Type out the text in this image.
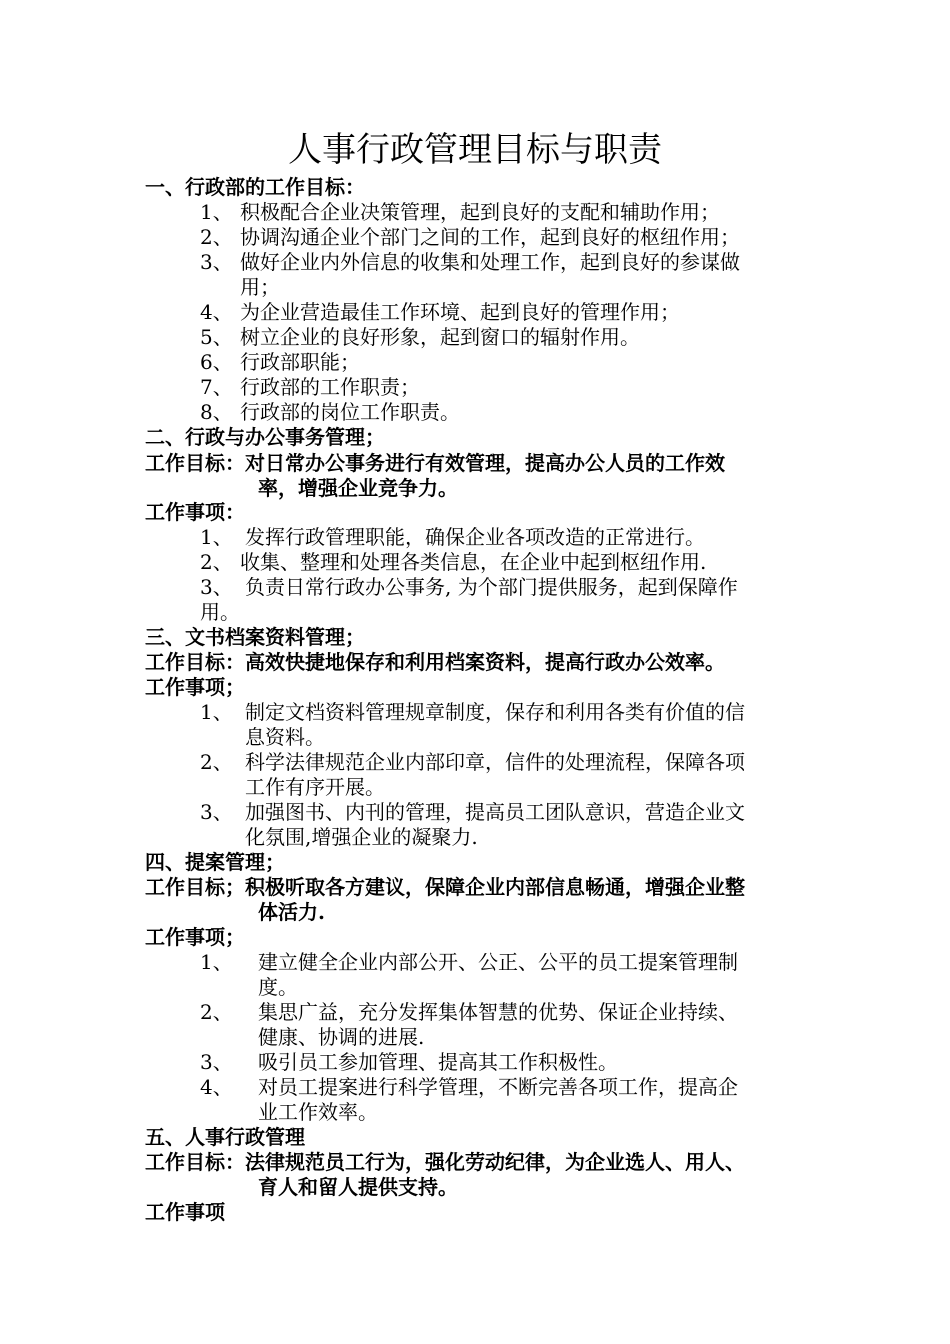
人事行政管理目标与职责
一、行政部的工作目标：
1、 积极配合企业决策管理，起到良好的支配和辅助作用；
2、 协调沟通企业个部门之间的工作，起到良好的枢纽作用；
3、 做好企业内外信息的收集和处理工作，起到良好的参谋做
用；
4、 为企业营造最佳工作环境、起到良好的管理作用；
5、 树立企业的良好形象，起到窗口的辐射作用。
6、 行政部职能；
7、 行政部的工作职责；
8、 行政部的岗位工作职责。
二、行政与办公事务管理；
工作目标：对日常办公事务进行有效管理，提高办公人员的工作效
率，增强企业竞争力。
工作事项：
1、 发挥行政管理职能，确保企业各项改造的正常进行。
2、 收集、整理和处理各类信息，在企业中起到枢纽作用.
3、 负责日常行政办公事务, 为个部门提供服务，起到保障作
用。
三、文书档案资料管理；
工作目标：高效快捷地保存和利用档案资料，提高行政办公效率。
工作事项；
1、 制定文档资料管理规章制度，保存和利用各类有价值的信
息资料。
2、 科学法律规范企业内部印章，信件的处理流程，保障各项
工作有序开展。
3、 加强图书、内刊的管理，提高员工团队意识，营造企业文
化氛围,增强企业的凝聚力.
四、提案管理；
工作目标；积极听取各方建议，保障企业内部信息畅通，增强企业整
体活力.
工作事项；
1、 建立健全企业内部公开、公正、公平的员工提案管理制
度。
2、 集思广益，充分发挥集体智慧的优势、保证企业持续、
健康、协调的进展.
3、 吸引员工参加管理、提高其工作积极性。
4、 对员工提案进行科学管理，不断完善各项工作，提高企
业工作效率。
五、人事行政管理
工作目标：法律规范员工行为，强化劳动纪律，为企业选人、用人、
育人和留人提供支持。
工作事项
